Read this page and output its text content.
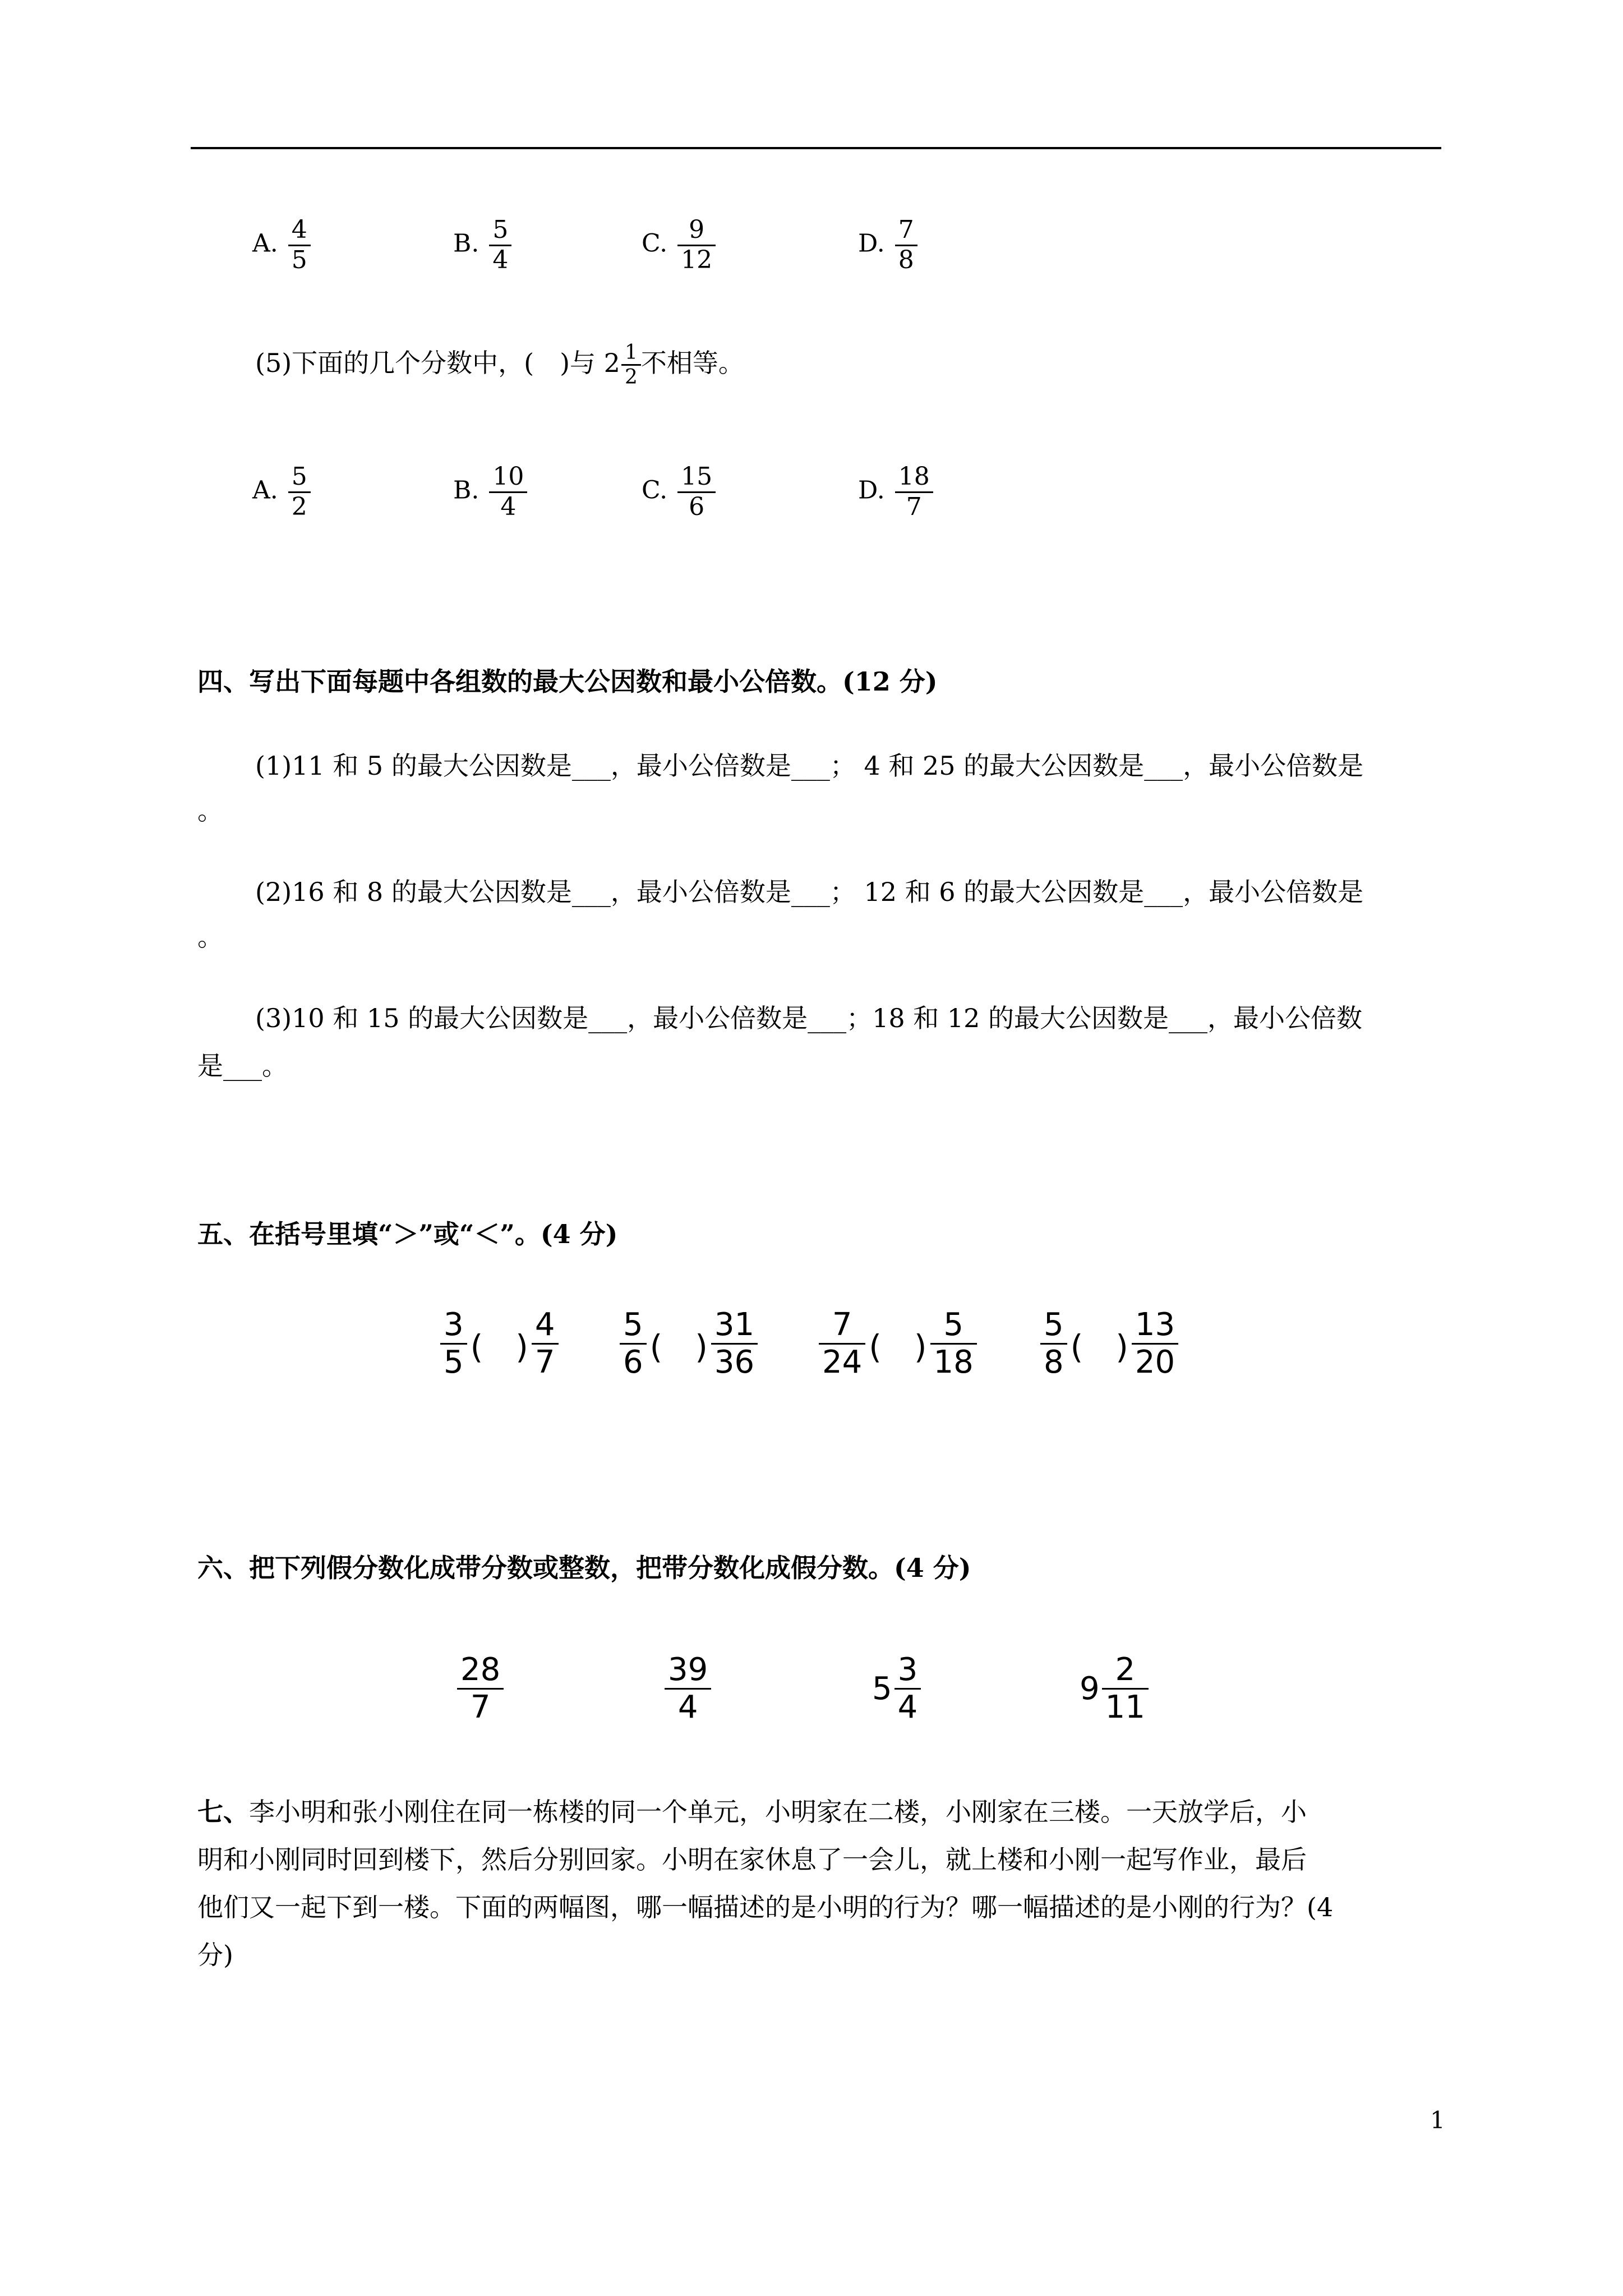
A. $\frac{4}{5}$	B. $\frac{5}{4}$	C. $\frac{9}{12}$	D. $\frac{7}{8}$
(5)下面的几个分数中，(　)与 $2 \frac{1}{2}$ 不相等。
A. $\frac{5}{2}$	B. $\frac{10}{4}$	C. $\frac{15}{6}$	D. $\frac{18}{7}$
四、写出下面每题中各组数的最大公因数和最小公倍数。(12 分)
(1)11 和 5 的最大公因数是___，最小公倍数是___； 4 和 25 的最大公因数是___，最小公倍数是
。
(2)16 和 8 的最大公因数是___，最小公倍数是___； 12 和 6 的最大公因数是___，最小公倍数是
。
(3)10 和 15 的最大公因数是___，最小公倍数是___；18 和 12 的最大公因数是___，最小公倍数
是___。
五、在括号里填“＞”或“＜”。(4 分)
$\frac{3}{5}$ (　) $\frac{4}{7} \frac{5}{6}$ (　) $\frac{31}{36} \frac{7}{24}$ (　) $\frac{5}{18} \frac{5}{8}$ (　) $\frac{13}{20}$
六、把下列假分数化成带分数或整数，把带分数化成假分数。(4 分)
$\frac{28}{7}$	$\frac{39}{4}$	$5 \frac{3}{4}$	$9 \frac{2}{11}$
七、李小明和张小刚住在同一栋楼的同一个单元，小明家在二楼，小刚家在三楼。一天放学后，小
明和小刚同时回到楼下，然后分别回家。小明在家休息了一会儿，就上楼和小刚一起写作业，最后
他们又一起下到一楼。下面的两幅图，哪一幅描述的是小明的行为？哪一幅描述的是小刚的行为？(4
分)
1
